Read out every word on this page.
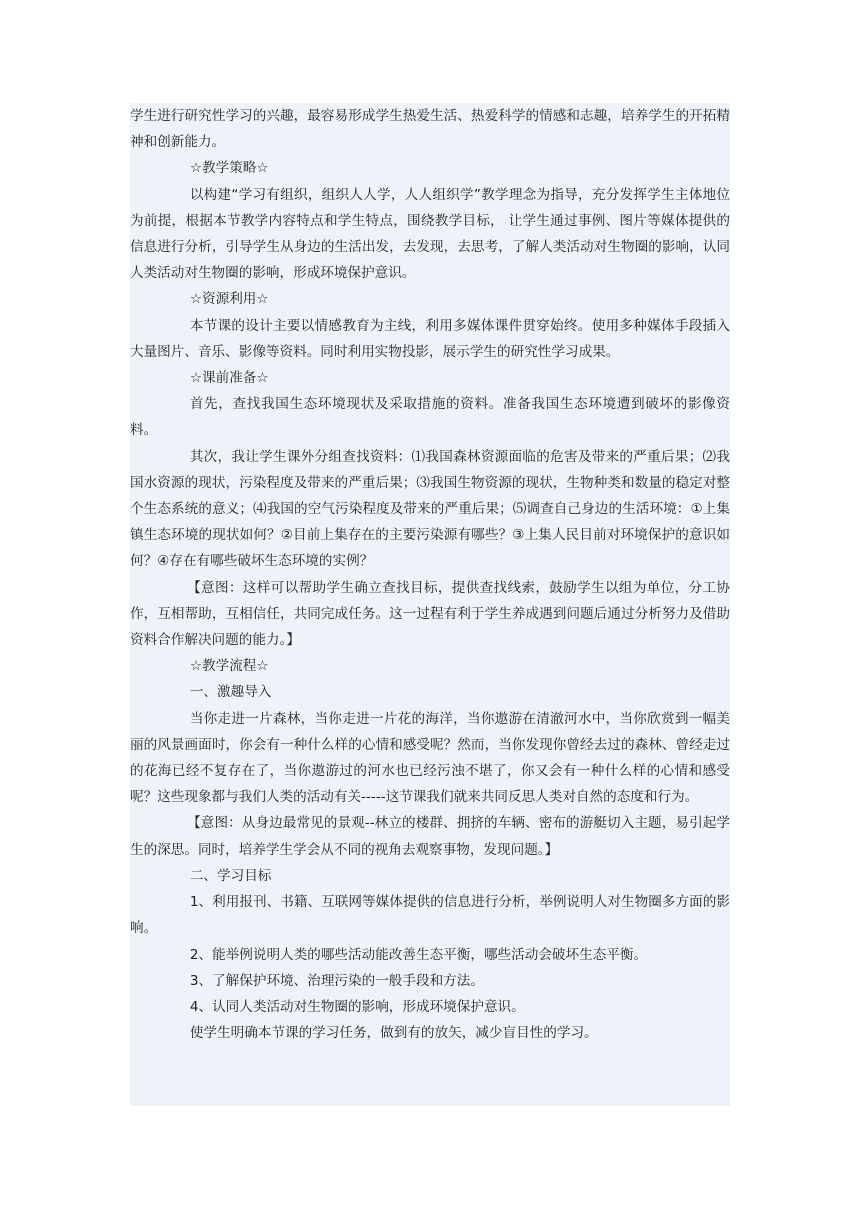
学生进行研究性学习的兴趣，最容易形成学生热爱生活、热爱科学的情感和志趣，培养学生的开拓精神和创新能力。

☆教学策略☆

以构建“学习有组织，组织人人学，人人组织学”教学理念为指导，充分发挥学生主体地位为前提，根据本节教学内容特点和学生特点，围绕教学目标， 让学生通过事例、图片等媒体提供的信息进行分析，引导学生从身边的生活出发，去发现，去思考，了解人类活动对生物圈的影响，认同人类活动对生物圈的影响，形成环境保护意识。

☆资源利用☆

本节课的设计主要以情感教育为主线，利用多媒体课件贯穿始终。使用多种媒体手段插入大量图片、音乐、影像等资料。同时利用实物投影，展示学生的研究性学习成果。

☆课前准备☆

首先，查找我国生态环境现状及采取措施的资料。准备我国生态环境遭到破坏的影像资料。

其次，我让学生课外分组查找资料：⑴我国森林资源面临的危害及带来的严重后果；⑵我国水资源的现状，污染程度及带来的严重后果；⑶我国生物资源的现状，生物种类和数量的稳定对整个生态系统的意义；⑷我国的空气污染程度及带来的严重后果；⑸调查自己身边的生活环境：①上集镇生态环境的现状如何？②目前上集存在的主要污染源有哪些？③上集人民目前对环境保护的意识如何？④存在有哪些破坏生态环境的实例？

【意图：这样可以帮助学生确立查找目标，提供查找线索，鼓励学生以组为单位，分工协作，互相帮助，互相信任，共同完成任务。这一过程有利于学生养成遇到问题后通过分析努力及借助资料合作解决问题的能力。】

☆教学流程☆

一、激趣导入

当你走进一片森林，当你走进一片花的海洋，当你遨游在清澈河水中，当你欣赏到一幅美丽的风景画面时，你会有一种什么样的心情和感受呢？然而，当你发现你曾经去过的森林、曾经走过的花海已经不复存在了，当你遨游过的河水也已经污浊不堪了，你又会有一种什么样的心情和感受呢？这些现象都与我们人类的活动有关-----这节课我们就来共同反思人类对自然的态度和行为。

【意图：从身边最常见的景观--林立的楼群、拥挤的车辆、密布的游艇切入主题，易引起学生的深思。同时，培养学生学会从不同的视角去观察事物，发现问题。】

二、学习目标

1、利用报刊、书籍、互联网等媒体提供的信息进行分析，举例说明人对生物圈多方面的影响。

2、能举例说明人类的哪些活动能改善生态平衡，哪些活动会破坏生态平衡。

3、了解保护环境、治理污染的一般手段和方法。

4、认同人类活动对生物圈的影响，形成环境保护意识。

使学生明确本节课的学习任务，做到有的放矢，减少盲目性的学习。
